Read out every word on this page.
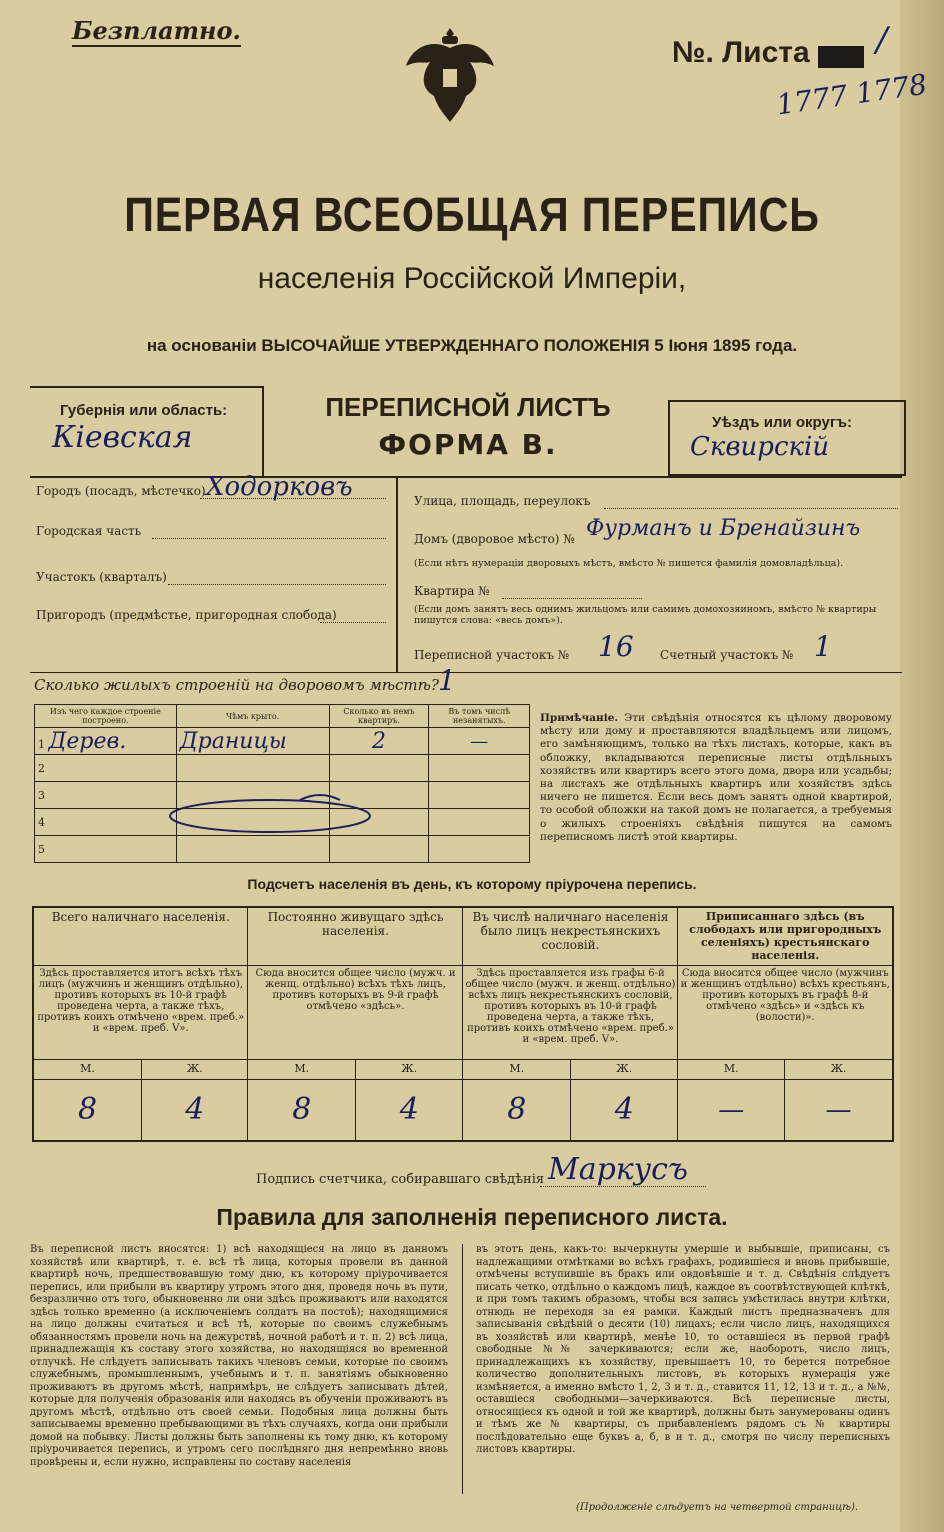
Безплатно.
№. Листа /
1777 1778
ПЕРВАЯ ВСЕОБЩАЯ ПЕРЕПИСЬ
населенія Россійской Имперіи,
на основаніи ВЫСОЧАЙШЕ УТВЕРЖДЕННАГО ПОЛОЖЕНІЯ 5 Іюня 1895 года.
Губернія или область:
Кіевская
ПЕРЕПИСНОЙ ЛИСТЪ
ФОРМА В.
Уѣздъ или округъ:
Сквирскій
Городъ (посадъ, мѣстечко) Ходорковъ
Городская часть
Участокъ (кварталъ)
Пригородъ (предмѣстье, пригородная слобода)
Улица, площадь, переулокъ
Домъ (дворовое мѣсто) № Фурманъ и Бренайзинъ
(Если нѣтъ нумераціи дворовыхъ мѣстъ, вмѣсто № пишется фамилія домовладѣльца).
Квартира №
(Если домъ занятъ весь однимъ жильцомъ или самимъ домохозяиномъ, вмѣсто № квартиры пишутся слова: «весь домъ»).
Переписной участокъ № 16 Счетный участокъ № 1
Сколько жилыхъ строеній на дворовомъ мѣстѣ? 1
Изъ чего каждое строеніе построено.	Чѣмъ крыто.	Сколько въ немъ квартиръ.	Въ томъ числѣ незанятыхъ.
1 Дерев.	Драницы	2	—
2			
3			
4			
5			
Примѣчаніе. Эти свѣдѣнія относятся къ цѣлому дворовому мѣсту или дому и проставляются владѣльцемъ или лицомъ, его замѣняющимъ, только на тѣхъ листахъ, которые, какъ въ обложку, вкладываются переписные листы отдѣльныхъ хозяйствъ или квартиръ всего этого дома, двора или усадьбы; на листахъ же отдѣльныхъ квартиръ или хозяйствъ здѣсь ничего не пишется. Если весь домъ занятъ одной квартирой, то особой обложки на такой домъ не полагается, а требуемыя о жилыхъ строеніяхъ свѣдѣнія пишутся на самомъ переписномъ листѣ этой квартиры.
Подсчетъ населенія въ день, къ которому пріурочена перепись.
Всего наличнаго населенія.		Постоянно живущаго здѣсь населенія.		Въ числѣ наличнаго населенія было лицъ некрестьянскихъ сословій.		Приписаннаго здѣсь (въ слободахъ или пригородныхъ селеніяхъ) крестьянскаго населенія.	
Здѣсь проставляется итогъ всѣхъ тѣхъ лицъ (мужчинъ и женщинъ отдѣльно), противъ которыхъ въ 10-й графѣ проведена черта, а также тѣхъ, противъ коихъ отмѣчено «врем. преб.» и «врем. преб. V».		Сюда вносится общее число (мужч. и женщ. отдѣльно) всѣхъ тѣхъ лицъ, противъ которыхъ въ 9-й графѣ отмѣчено «здѣсь».		Здѣсь проставляется изъ графы 6-й общее число (мужч. и женщ. отдѣльно) всѣхъ лицъ некрестьянскихъ сословій, противъ которыхъ въ 10-й графѣ проведена черта, а также тѣхъ, противъ коихъ отмѣчено «врем. преб.» и «врем. преб. V».		Сюда вносится общее число (мужчинъ и женщинъ отдѣльно) всѣхъ крестьянъ, противъ которыхъ въ графѣ 8-й отмѣчено «здѣсь» и «здѣсь къ (волости)».	
М.	Ж.	М.	Ж.	М.	Ж.	М.	Ж.
8	4	8	4	8	4	—	—
Подпись счетчика, собиравшаго свѣдѣнія Маркусъ
Правила для заполненія переписного листа.
Въ переписной листъ вносятся: 1) всѣ находящіеся на лицо въ данномъ хозяйствѣ или квартирѣ, т. е. всѣ тѣ лица, которыя провели въ данной квартирѣ ночь, предшествовавшую тому дню, къ которому пріурочивается перепись, или прибыли въ квартиру утромъ этого дня, проведя ночь въ пути, безразлично отъ того, обыкновенно ли они здѣсь проживаютъ или находятся здѣсь только временно (а исключеніемъ солдатъ на постоѣ); находящимися на лицо должны считаться и всѣ тѣ, которые по своимъ служебнымъ обязанностямъ провели ночь на дежурствѣ, ночной работѣ и т. п. 2) всѣ лица, принадлежащія къ составу этого хозяйства, но находящіяся во временной отлучкѣ. Не слѣдуетъ записывать такихъ членовъ семьи, которые по своимъ служебнымъ, промышленнымъ, учебнымъ и т. п. занятіямъ обыкновенно проживаютъ въ другомъ мѣстѣ, напримѣръ, не слѣдуетъ записывать дѣтей, которые для полученія образованія или находясь въ обученіи проживаютъ въ другомъ мѣстѣ, отдѣльно отъ своей семьи. Подобныя лица должны быть записываемы временно пребывающими въ тѣхъ случаяхъ, когда они прибыли домой на побывку. Листы должны быть заполнены къ тому дню, къ которому пріурочивается перепись, и утромъ сего послѣдняго дня непремѣнно вновь провѣрены и, если нужно, исправлены по составу населенія
въ этотъ день, какъ-то: вычеркнуты умершіе и выбывшіе, приписаны, съ надлежащими отмѣтками во всѣхъ графахъ, родившіеся и вновь прибывшіе, отмѣчены вступившіе въ бракъ или овдовѣвшіе и т. д. Свѣдѣнія слѣдуетъ писать четко, отдѣльно о каждомъ лицѣ, каждое въ соотвѣтствующей клѣткѣ, и при томъ такимъ образомъ, чтобы вся запись умѣстилась внутри клѣтки, отнюдь не переходя за ея рамки. Каждый листъ предназначенъ для записыванія свѣдѣній о десяти (10) лицахъ; если число лицъ, находящихся въ хозяйствѣ или квартирѣ, менѣе 10, то оставшіеся въ первой графѣ свободные №№ зачеркиваются; если же, наоборотъ, число лицъ, принадлежащихъ къ хозяйству, превышаетъ 10, то берется потребное количество дополнительныхъ листовъ, въ которыхъ нумерація уже измѣняется, а именно вмѣсто 1, 2, 3 и т. д., ставится 11, 12, 13 и т. д., а №№, оставшіеся свободными—зачеркиваются. Всѣ переписные листы, относящіеся къ одной и той же квартирѣ, должны быть занумерованы одинъ и тѣмъ же № квартиры, съ прибавленіемъ рядомъ съ № квартиры послѣдовательно еще буквъ а, б, в и т. д., смотря по числу переписныхъ листовъ квартиры.
(Продолженіе слѣдуетъ на четвертой страницѣ).
